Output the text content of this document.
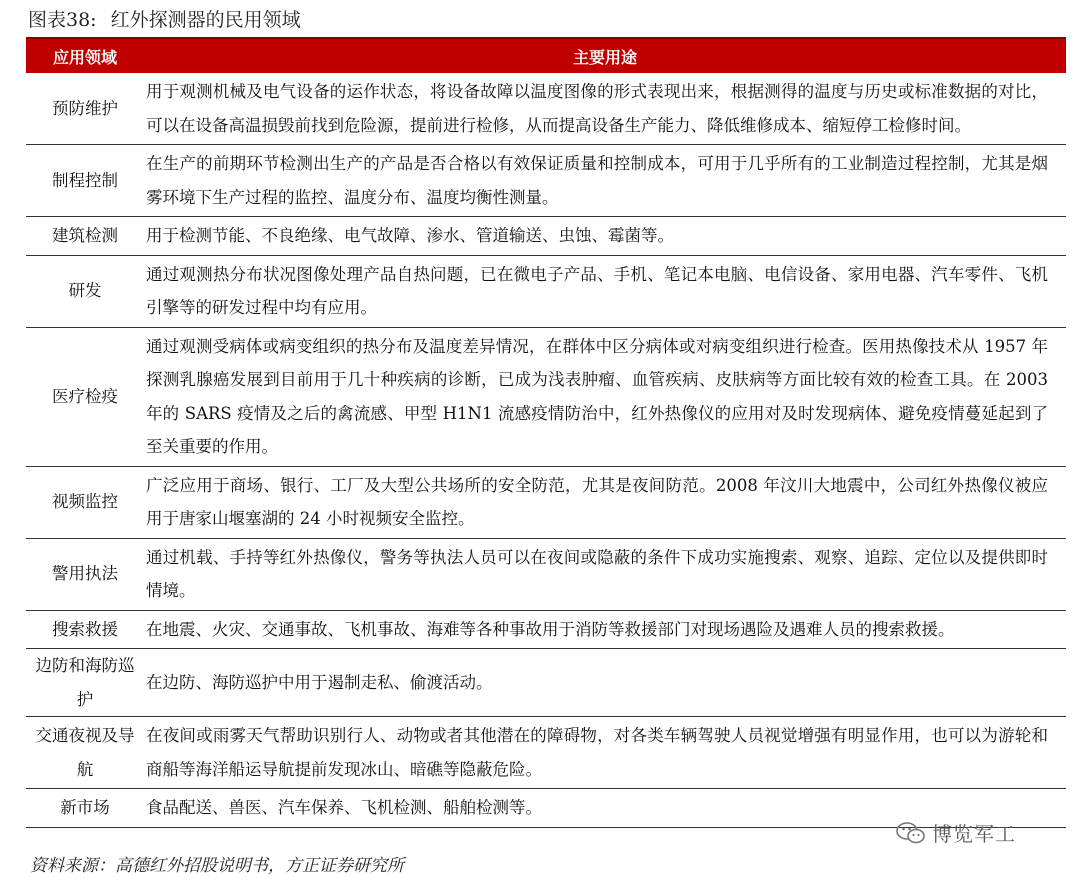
图表38: 红外探测器的民用领域
应用领域	主要用途
预防维护	用于观测机械及电气设备的运作状态，将设备故障以温度图像的形式表现出来，根据测得的温度与历史或标准数据的对比，可以在设备高温损毁前找到危险源，提前进行检修，从而提高设备生产能力、降低维修成本、缩短停工检修时间。
制程控制	在生产的前期环节检测出生产的产品是否合格以有效保证质量和控制成本，可用于几乎所有的工业制造过程控制，尤其是烟雾环境下生产过程的监控、温度分布、温度均衡性测量。
建筑检测	用于检测节能、不良绝缘、电气故障、渗水、管道输送、虫蚀、霉菌等。
研发	通过观测热分布状况图像处理产品自热问题，已在微电子产品、手机、笔记本电脑、电信设备、家用电器、汽车零件、飞机引擎等的研发过程中均有应用。
医疗检疫	通过观测受病体或病变组织的热分布及温度差异情况，在群体中区分病体或对病变组织进行检查。医用热像技术从 1957 年探测乳腺癌发展到目前用于几十种疾病的诊断，已成为浅表肿瘤、血管疾病、皮肤病等方面比较有效的检查工具。在 2003 年的 SARS 疫情及之后的禽流感、甲型 H1N1 流感疫情防治中，红外热像仪的应用对及时发现病体、避免疫情蔓延起到了至关重要的作用。
视频监控	广泛应用于商场、银行、工厂及大型公共场所的安全防范，尤其是夜间防范。2008 年汶川大地震中，公司红外热像仪被应用于唐家山堰塞湖的 24 小时视频安全监控。
警用执法	通过机载、手持等红外热像仪，警务等执法人员可以在夜间或隐蔽的条件下成功实施搜索、观察、追踪、定位以及提供即时情境。
搜索救援	在地震、火灾、交通事故、飞机事故、海难等各种事故用于消防等救援部门对现场遇险及遇难人员的搜索救援。
边防和海防巡护	在边防、海防巡护中用于遏制走私、偷渡活动。
交通夜视及导航	在夜间或雨雾天气帮助识别行人、动物或者其他潜在的障碍物，对各类车辆驾驶人员视觉增强有明显作用，也可以为游轮和商船等海洋船运导航提前发现冰山、暗礁等隐蔽危险。
新市场	食品配送、兽医、汽车保养、飞机检测、船舶检测等。
博览军工
资料来源：高德红外招股说明书，方正证券研究所
